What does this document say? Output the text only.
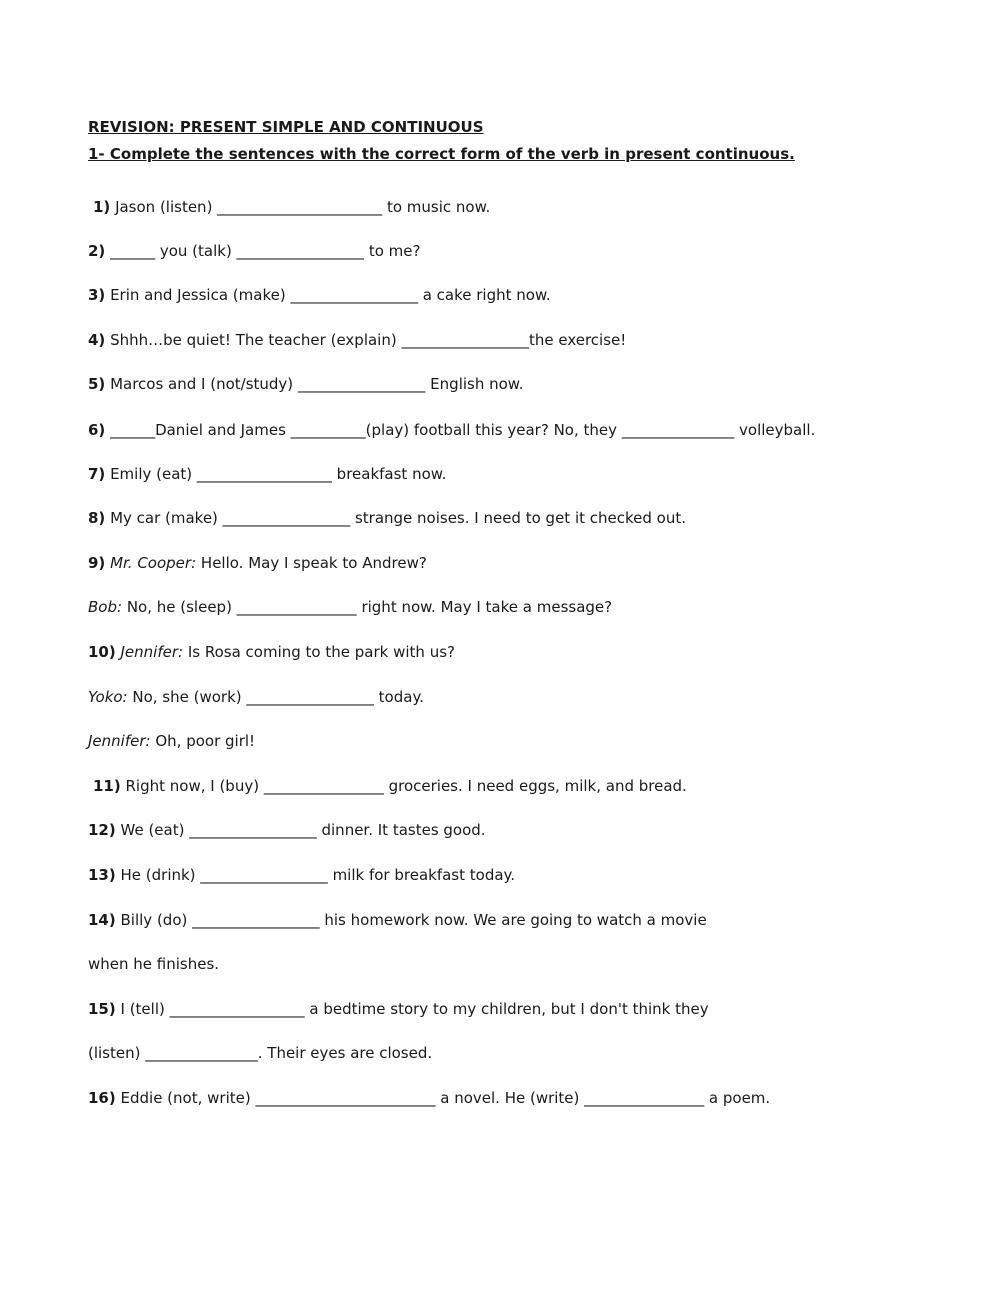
REVISION: PRESENT SIMPLE AND CONTINUOUS
1- Complete the sentences with the correct form of the verb in present continuous.
1) Jason (listen) ______________________ to music now.
2) ______ you (talk) _________________ to me?
3) Erin and Jessica (make) _________________ a cake right now.
4) Shhh…be quiet! The teacher (explain) _________________the exercise!
5) Marcos and I (not/study) _________________ English now.
6) ______Daniel and James __________(play) football this year? No, they _______________ volleyball.
7) Emily (eat) __________________ breakfast now.
8) My car (make) _________________ strange noises. I need to get it checked out.
9) Mr. Cooper: Hello. May I speak to Andrew?
Bob: No, he (sleep) ________________ right now. May I take a message?
10) Jennifer: Is Rosa coming to the park with us?
Yoko: No, she (work) _________________ today.
Jennifer: Oh, poor girl!
11) Right now, I (buy) ________________ groceries. I need eggs, milk, and bread.
12) We (eat) _________________ dinner. It tastes good.
13) He (drink) _________________ milk for breakfast today.
14) Billy (do) _________________ his homework now. We are going to watch a movie
when he finishes.
15) I (tell) __________________ a bedtime story to my children, but I don't think they
(listen) _______________. Their eyes are closed.
16) Eddie (not, write) ________________________ a novel. He (write) ________________ a poem.
